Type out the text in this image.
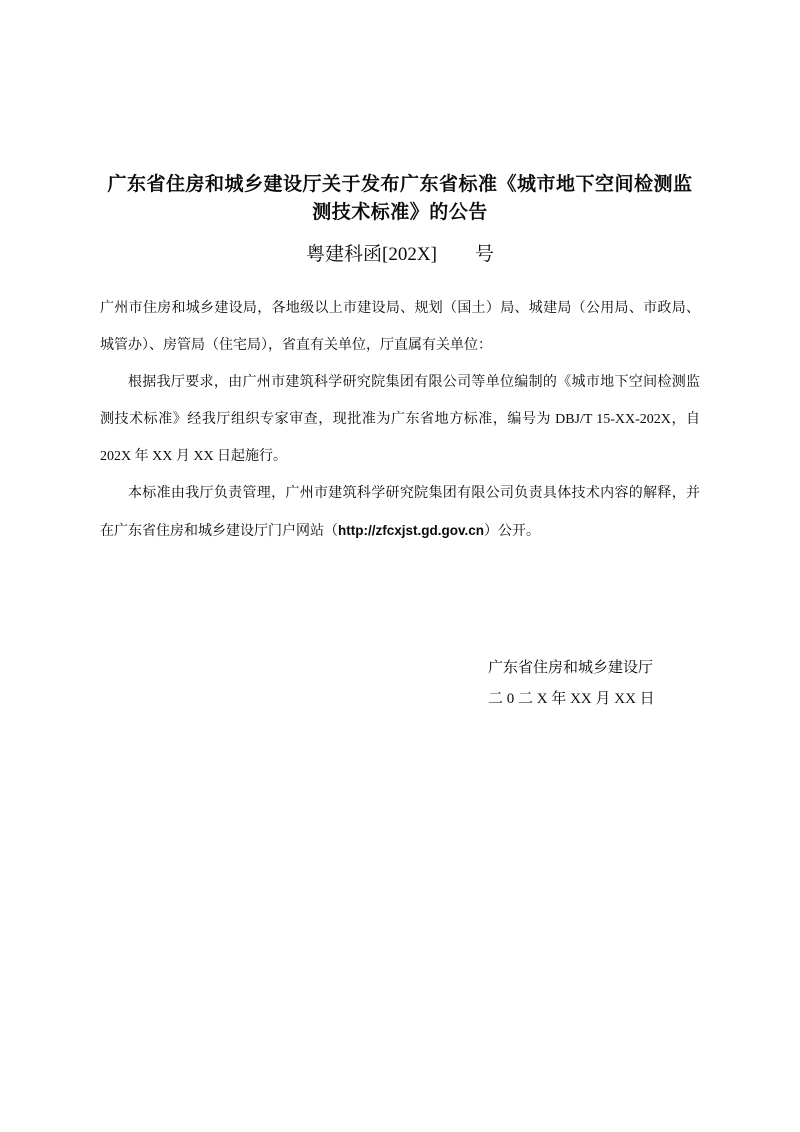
广东省住房和城乡建设厅关于发布广东省标准《城市地下空间检测监测技术标准》的公告
粤建科函[202X]　　号

广州市住房和城乡建设局，各地级以上市建设局、规划（国土）局、城建局（公用局、市政局、城管办）、房管局（住宅局），省直有关单位，厅直属有关单位：

根据我厅要求，由广州市建筑科学研究院集团有限公司等单位编制的《城市地下空间检测监测技术标准》经我厅组织专家审查，现批准为广东省地方标准，编号为 DBJ/T 15-XX-202X，自 202X 年 XX 月 XX 日起施行。

本标准由我厅负责管理，广州市建筑科学研究院集团有限公司负责具体技术内容的解释，并在广东省住房和城乡建设厅门户网站（http://zfcxjst.gd.gov.cn）公开。

广东省住房和城乡建设厅
二 0 二 X 年 XX 月 XX 日
